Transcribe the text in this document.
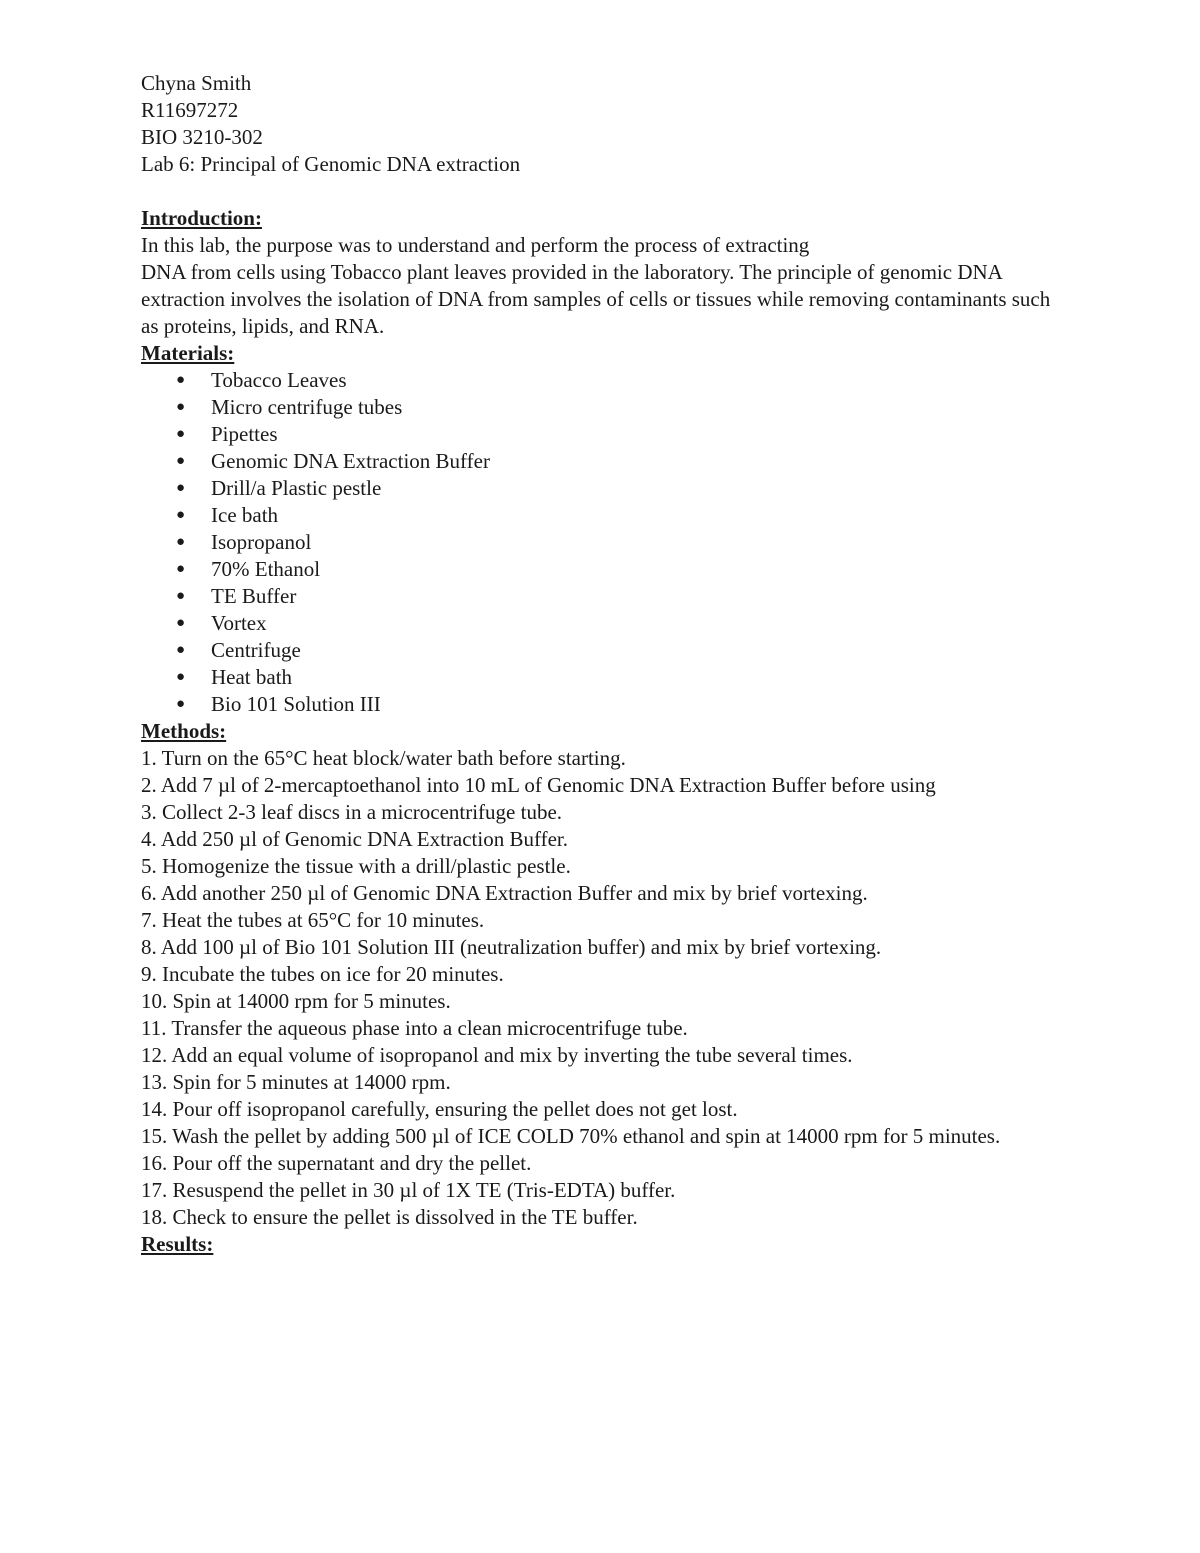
Chyna Smith
R11697272
BIO 3210-302
Lab 6: Principal of Genomic DNA extraction
Introduction:
In this lab, the purpose was to understand and perform the process of extracting
DNA from cells using Tobacco plant leaves provided in the laboratory. The principle of genomic DNA extraction involves the isolation of DNA from samples of cells or tissues while removing contaminants such as proteins, lipids, and RNA.
Materials:
● Tobacco Leaves
● Micro centrifuge tubes
● Pipettes
● Genomic DNA Extraction Buffer
● Drill/a Plastic pestle
● Ice bath
● Isopropanol
● 70% Ethanol
● TE Buffer
● Vortex
● Centrifuge
● Heat bath
● Bio 101 Solution III
Methods:
1. Turn on the 65°C heat block/water bath before starting.
2. Add 7 µl of 2-mercaptoethanol into 10 mL of Genomic DNA Extraction Buffer before using
3. Collect 2-3 leaf discs in a microcentrifuge tube.
4. Add 250 µl of Genomic DNA Extraction Buffer.
5. Homogenize the tissue with a drill/plastic pestle.
6. Add another 250 µl of Genomic DNA Extraction Buffer and mix by brief vortexing.
7. Heat the tubes at 65°C for 10 minutes.
8. Add 100 µl of Bio 101 Solution III (neutralization buffer) and mix by brief vortexing.
9. Incubate the tubes on ice for 20 minutes.
10. Spin at 14000 rpm for 5 minutes.
11. Transfer the aqueous phase into a clean microcentrifuge tube.
12. Add an equal volume of isopropanol and mix by inverting the tube several times.
13. Spin for 5 minutes at 14000 rpm.
14. Pour off isopropanol carefully, ensuring the pellet does not get lost.
15. Wash the pellet by adding 500 µl of ICE COLD 70% ethanol and spin at 14000 rpm for 5 minutes.
16. Pour off the supernatant and dry the pellet.
17. Resuspend the pellet in 30 µl of 1X TE (Tris-EDTA) buffer.
18. Check to ensure the pellet is dissolved in the TE buffer.
Results:
